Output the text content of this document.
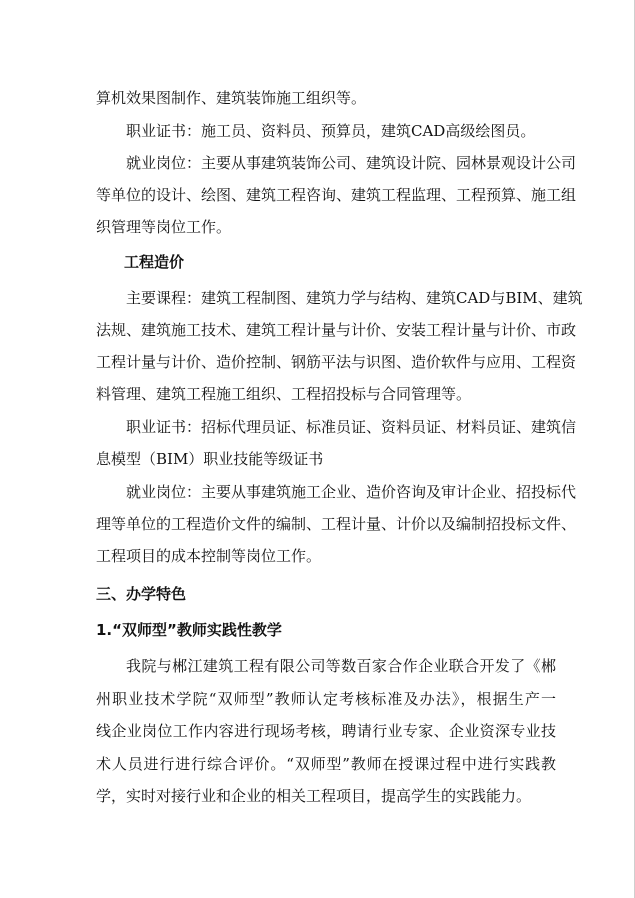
算机效果图制作、建筑装饰施工组织等。
职业证书：施工员、资料员、预算员，建筑CAD高级绘图员。
就业岗位：主要从事建筑装饰公司、建筑设计院、园林景观设计公司
等单位的设计、绘图、建筑工程咨询、建筑工程监理、工程预算、施工组
织管理等岗位工作。
工程造价
主要课程：建筑工程制图、建筑力学与结构、建筑CAD与BIM、建筑
法规、建筑施工技术、建筑工程计量与计价、安装工程计量与计价、市政
工程计量与计价、造价控制、钢筋平法与识图、造价软件与应用、工程资
料管理、建筑工程施工组织、工程招投标与合同管理等。
职业证书：招标代理员证、标准员证、资料员证、材料员证、建筑信
息模型（BIM）职业技能等级证书
就业岗位：主要从事建筑施工企业、造价咨询及审计企业、招投标代
理等单位的工程造价文件的编制、工程计量、计价以及编制招投标文件、
工程项目的成本控制等岗位工作。
三、办学特色
1.“双师型”教师实践性教学
我院与郴江建筑工程有限公司等数百家合作企业联合开发了《郴
州职业技术学院“双师型”教师认定考核标准及办法》，根据生产一
线企业岗位工作内容进行现场考核，聘请行业专家、企业资深专业技
术人员进行进行综合评价。“双师型”教师在授课过程中进行实践教
学，实时对接行业和企业的相关工程项目，提高学生的实践能力。
